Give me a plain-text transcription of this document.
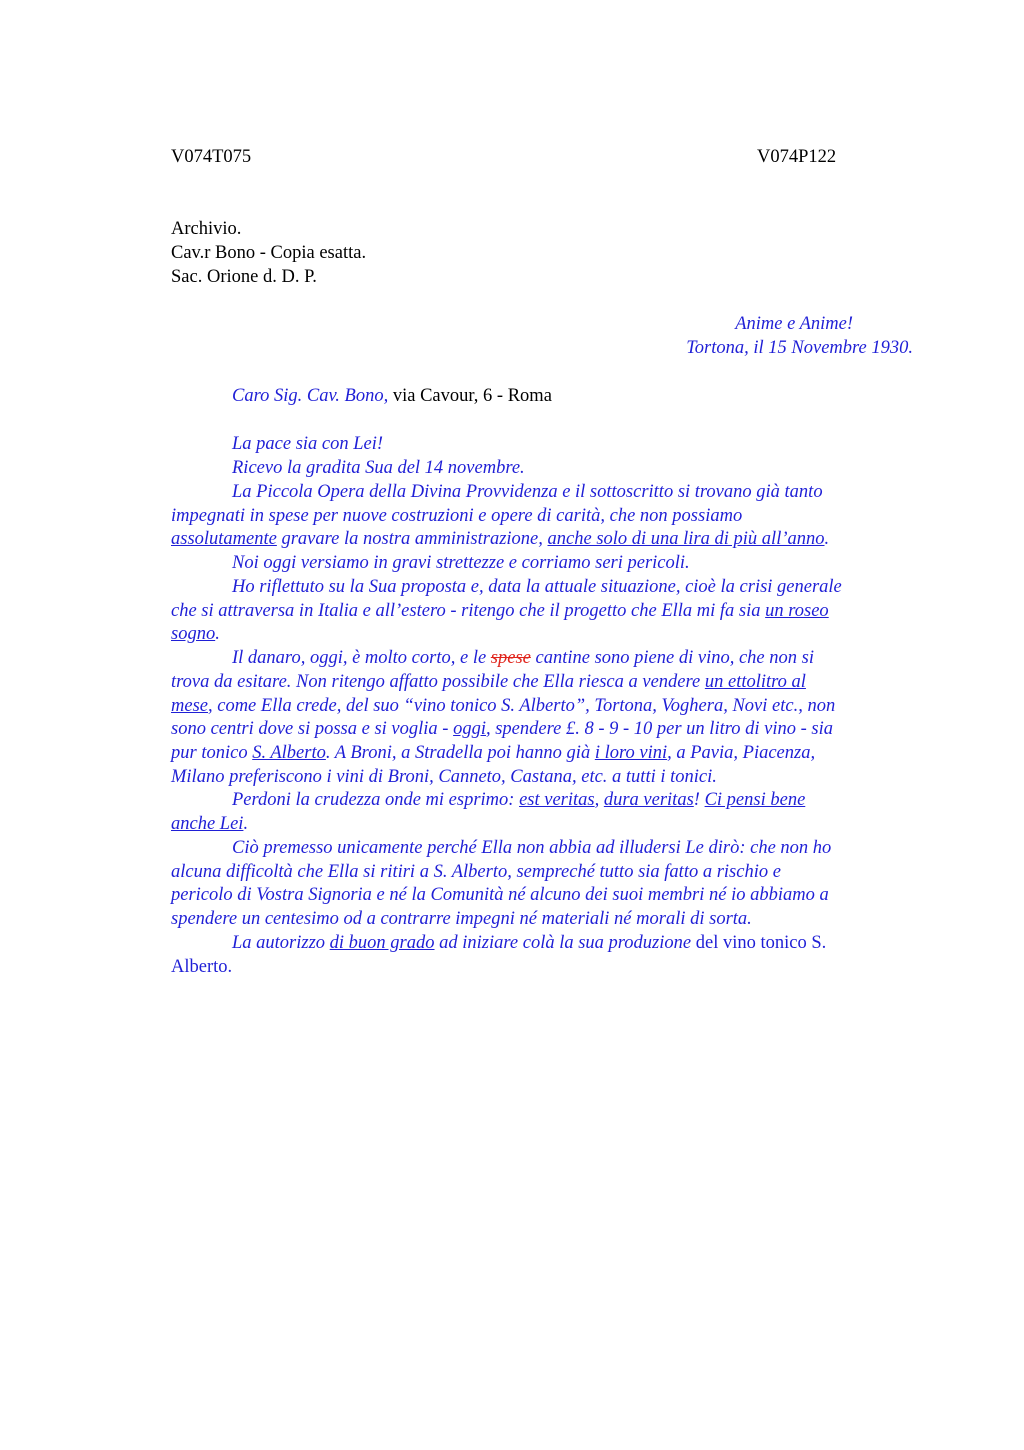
V074T075	V074P122
Archivio.
Cav.r Bono - Copia esatta.
Sac. Orione d. D. P.
Anime e Anime!
Tortona, il 15 Novembre 1930.
Caro Sig. Cav. Bono, via Cavour, 6 - Roma
La pace sia con Lei!
Ricevo la gradita Sua del 14 novembre.
La Piccola Opera della Divina Provvidenza e il sottoscritto si trovano già tanto
impegnati in spese per nuove costruzioni e opere di carità, che non possiamo
assolutamente gravare la nostra amministrazione, anche solo di una lira di più all’anno.
Noi oggi versiamo in gravi strettezze e corriamo seri pericoli.
Ho riflettuto su la Sua proposta e, data la attuale situazione, cioè la crisi generale
che si attraversa in Italia e all’estero - ritengo che il progetto che Ella mi fa sia un roseo
sogno.
Il danaro, oggi, è molto corto, e le spese cantine sono piene di vino, che non si
trova da esitare. Non ritengo affatto possibile che Ella riesca a vendere un ettolitro al
mese, come Ella crede, del suo “vino tonico S. Alberto”, Tortona, Voghera, Novi etc., non
sono centri dove si possa e si voglia - oggi, spendere £. 8 - 9 - 10 per un litro di vino - sia
pur tonico S. Alberto. A Broni, a Stradella poi hanno già i loro vini, a Pavia, Piacenza,
Milano preferiscono i vini di Broni, Canneto, Castana, etc. a tutti i tonici.
Perdoni la crudezza onde mi esprimo: est veritas, dura veritas! Ci pensi bene
anche Lei.
Ciò premesso unicamente perché Ella non abbia ad illudersi Le dirò: che non ho
alcuna difficoltà che Ella si ritiri a S. Alberto, sempreché tutto sia fatto a rischio e
pericolo di Vostra Signoria e né la Comunità né alcuno dei suoi membri né io abbiamo a
spendere un centesimo od a contrarre impegni né materiali né morali di sorta.
La autorizzo di buon grado ad iniziare colà la sua produzione del vino tonico S.
Alberto.
